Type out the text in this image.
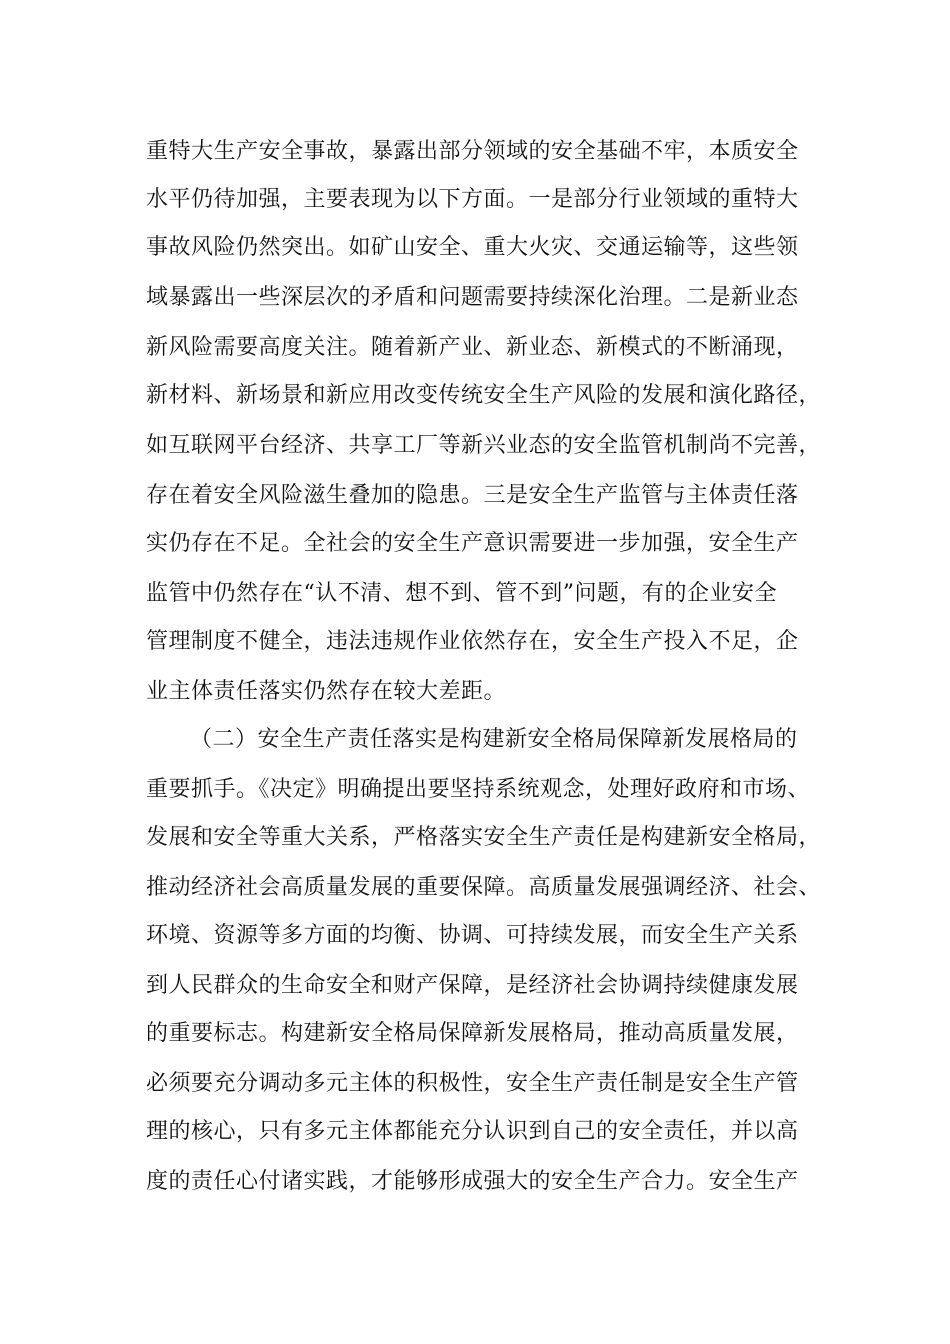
重特大生产安全事故，暴露出部分领域的安全基础不牢，本质安全
水平仍待加强，主要表现为以下方面。一是部分行业领域的重特大
事故风险仍然突出。如矿山安全、重大火灾、交通运输等，这些领
域暴露出一些深层次的矛盾和问题需要持续深化治理。二是新业态
新风险需要高度关注。随着新产业、新业态、新模式的不断涌现，
新材料、新场景和新应用改变传统安全生产风险的发展和演化路径，
如互联网平台经济、共享工厂等新兴业态的安全监管机制尚不完善，
存在着安全风险滋生叠加的隐患。三是安全生产监管与主体责任落
实仍存在不足。全社会的安全生产意识需要进一步加强，安全生产
监管中仍然存在“认不清、想不到、管不到”问题，有的企业安全
管理制度不健全，违法违规作业依然存在，安全生产投入不足，企
业主体责任落实仍然存在较大差距。
（二）安全生产责任落实是构建新安全格局保障新发展格局的
重要抓手。《决定》明确提出要坚持系统观念，处理好政府和市场、
发展和安全等重大关系，严格落实安全生产责任是构建新安全格局，
推动经济社会高质量发展的重要保障。高质量发展强调经济、社会、
环境、资源等多方面的均衡、协调、可持续发展，而安全生产关系
到人民群众的生命安全和财产保障，是经济社会协调持续健康发展
的重要标志。构建新安全格局保障新发展格局，推动高质量发展，
必须要充分调动多元主体的积极性，安全生产责任制是安全生产管
理的核心，只有多元主体都能充分认识到自己的安全责任，并以高
度的责任心付诸实践，才能够形成强大的安全生产合力。安全生产
